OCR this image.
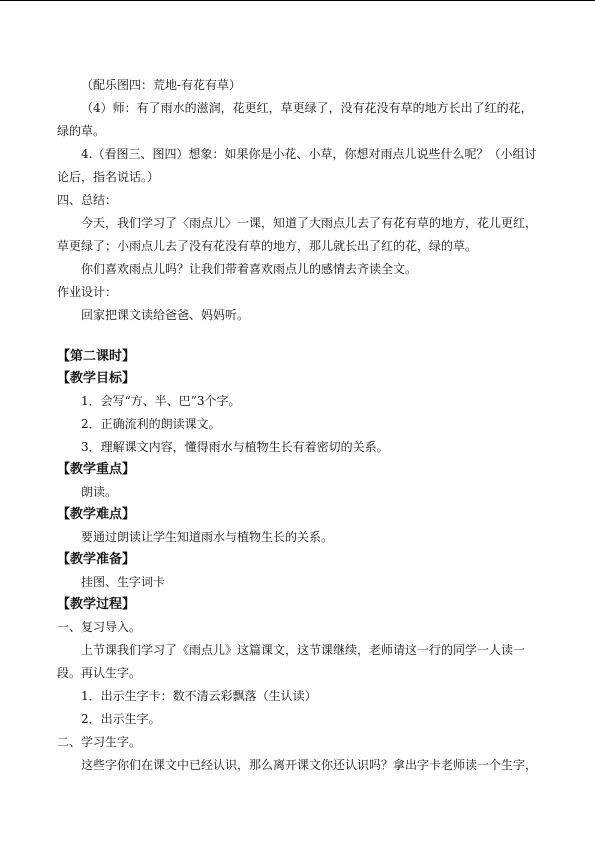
（配乐图四：荒地-有花有草）
（4）师：有了雨水的滋润，花更红，草更绿了，没有花没有草的地方长出了红的花，
绿的草。
4.（看图三、图四）想象：如果你是小花、小草，你想对雨点儿说些什么呢？（小组讨
论后，指名说话。）
四、总结：
今天，我们学习了〈雨点儿〉一课，知道了大雨点儿去了有花有草的地方，花儿更红，
草更绿了；小雨点儿去了没有花没有草的地方，那儿就长出了红的花，绿的草。
你们喜欢雨点儿吗？让我们带着喜欢雨点儿的感情去齐读全文。
作业设计：
回家把课文读给爸爸、妈妈听。
【第二课时】
【教学目标】
1．会写“方、半、巴”3个字。
2．正确流利的朗读课文。
3．理解课文内容，懂得雨水与植物生长有着密切的关系。
【教学重点】
朗读。
【教学难点】
要通过朗读让学生知道雨水与植物生长的关系。
【教学准备】
挂图、生字词卡
【教学过程】
一、复习导入。
上节课我们学习了《雨点儿》这篇课文，这节课继续，老师请这一行的同学一人读一
段。再认生字。
1．出示生字卡：数不清云彩飘落（生认读）
2．出示生字。
二、学习生字。
这些字你们在课文中已经认识，那么离开课文你还认识吗？拿出字卡老师读一个生字，
